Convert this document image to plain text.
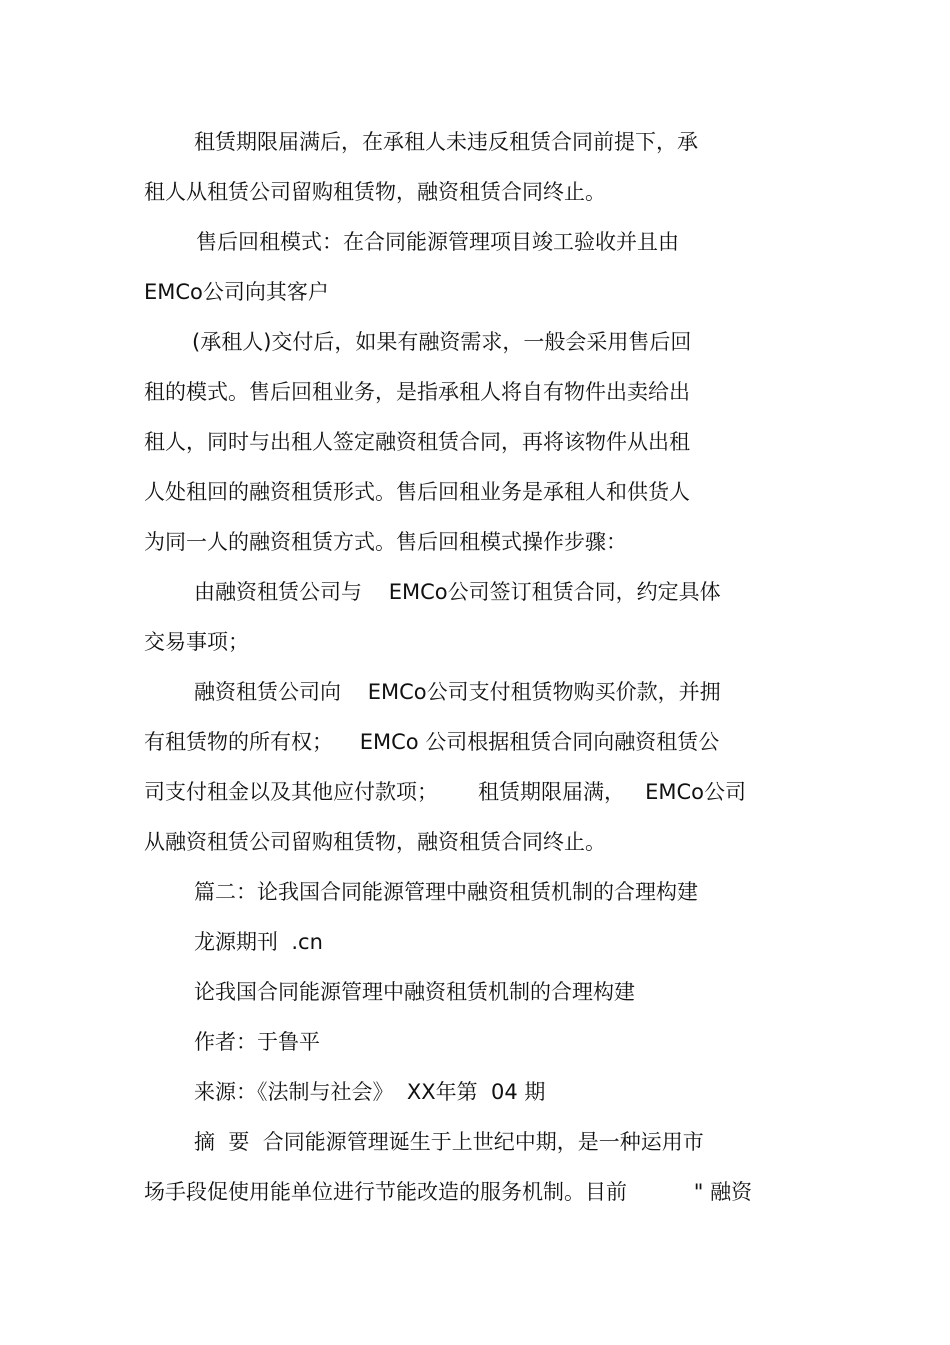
租赁期限届满后，在承租人未违反租赁合同前提下，承
租人从租赁公司留购租赁物，融资租赁合同终止。
售后回租模式：在合同能源管理项目竣工验收并且由
EMCo公司向其客户
(承租人)交付后，如果有融资需求，一般会采用售后回
租的模式。售后回租业务，是指承租人将自有物件出卖给出
租人，同时与出租人签定融资租赁合同，再将该物件从出租
人处租回的融资租赁形式。售后回租业务是承租人和供货人
为同一人的融资租赁方式。售后回租模式操作步骤：
由融资租赁公司与    EMCo公司签订租赁合同，约定具体
交易事项；
融资租赁公司向    EMCo公司支付租赁物购买价款，并拥
有租赁物的所有权；    EMCo 公司根据租赁合同向融资租赁公
司支付租金以及其他应付款项；      租赁期限届满，   EMCo公司
从融资租赁公司留购租赁物，融资租赁合同终止。
篇二：论我国合同能源管理中融资租赁机制的合理构建
龙源期刊  .cn
论我国合同能源管理中融资租赁机制的合理构建
作者：于鲁平
来源：《法制与社会》  XX年第  04 期
摘  要  合同能源管理诞生于上世纪中期，是一种运用市
场手段促使用能单位进行节能改造的服务机制。目前          " 融资
